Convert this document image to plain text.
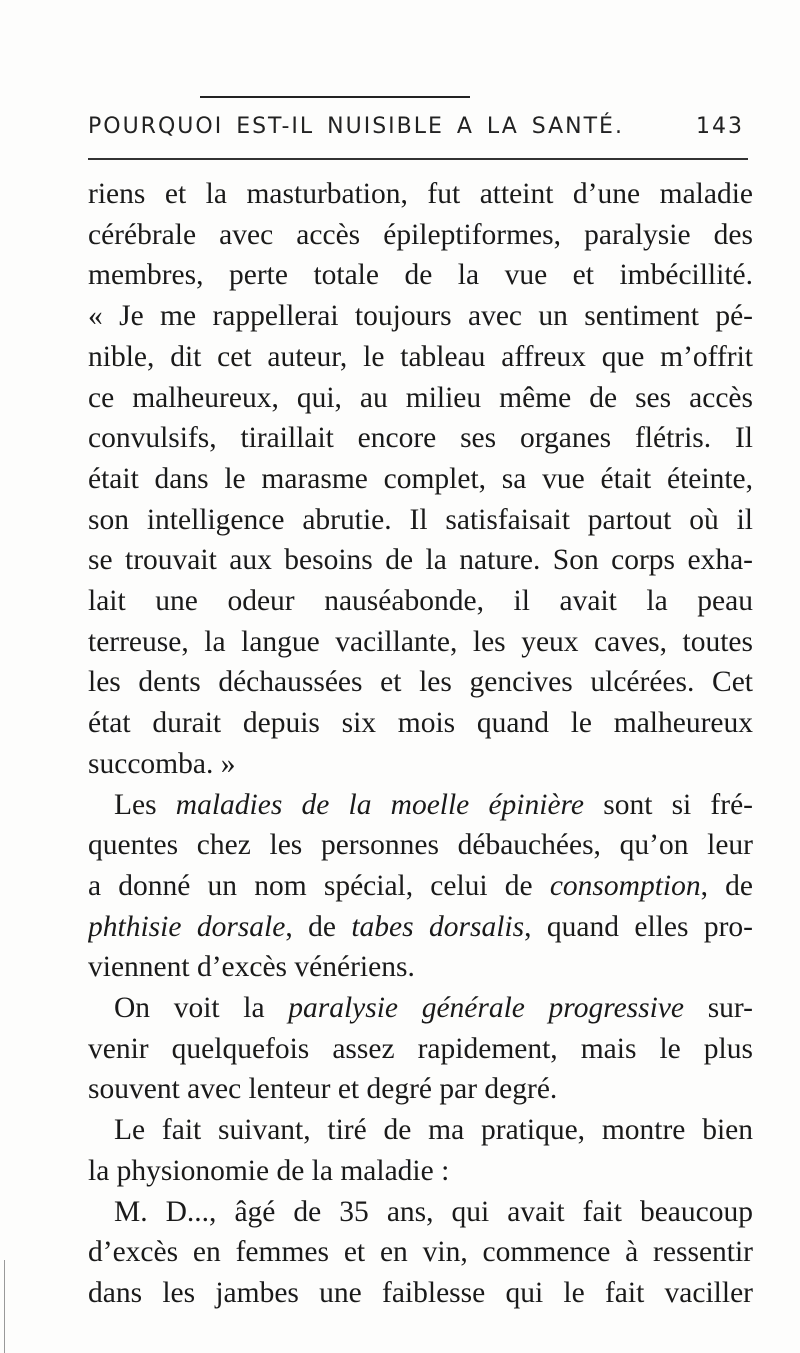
POURQUOI EST-IL NUISIBLE A LA SANTÉ.	143
riens et la masturbation, fut atteint d’une maladie
cérébrale avec accès épileptiformes, paralysie des
membres, perte totale de la vue et imbécillité.
« Je me rappellerai toujours avec un sentiment pé-
nible, dit cet auteur, le tableau affreux que m’offrit
ce malheureux, qui, au milieu même de ses accès
convulsifs, tiraillait encore ses organes flétris. Il
était dans le marasme complet, sa vue était éteinte,
son intelligence abrutie. Il satisfaisait partout où il
se trouvait aux besoins de la nature. Son corps exha-
lait une odeur nauséabonde, il avait la peau
terreuse, la langue vacillante, les yeux caves, toutes
les dents déchaussées et les gencives ulcérées. Cet
état durait depuis six mois quand le malheureux
succomba. »
Les maladies de la moelle épinière sont si fré-
quentes chez les personnes débauchées, qu’on leur
a donné un nom spécial, celui de consomption, de
phthisie dorsale, de tabes dorsalis, quand elles pro-
viennent d’excès vénériens.
On voit la paralysie générale progressive sur-
venir quelquefois assez rapidement, mais le plus
souvent avec lenteur et degré par degré.
Le fait suivant, tiré de ma pratique, montre bien
la physionomie de la maladie :
M. D..., âgé de 35 ans, qui avait fait beaucoup
d’excès en femmes et en vin, commence à ressentir
dans les jambes une faiblesse qui le fait vaciller
